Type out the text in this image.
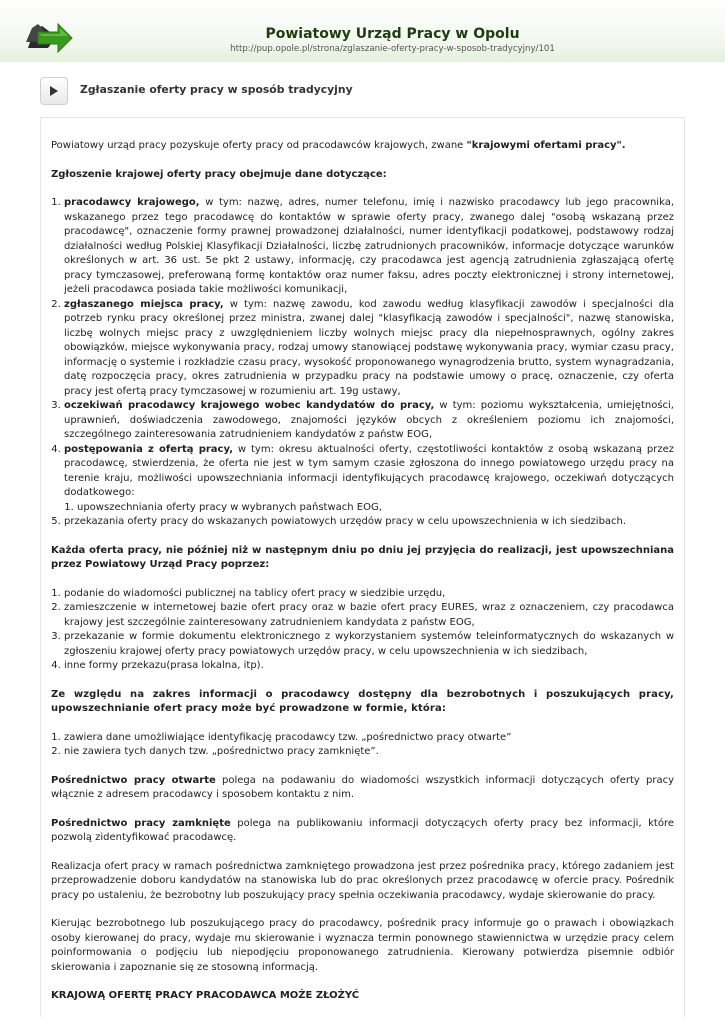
Powiatowy Urząd Pracy w Opolu
http://pup.opole.pl/strona/zglaszanie-oferty-pracy-w-sposob-tradycyjny/101
Zgłaszanie oferty pracy w sposób tradycyjny

Powiatowy urząd pracy pozyskuje oferty pracy od pracodawców krajowych, zwane "krajowymi ofertami pracy".

Zgłoszenie krajowej oferty pracy obejmuje dane dotyczące:

1. pracodawcy krajowego, w tym: nazwę, adres, numer telefonu, imię i nazwisko pracodawcy lub jego pracownika, wskazanego przez tego pracodawcę do kontaktów w sprawie oferty pracy, zwanego dalej "osobą wskazaną przez pracodawcę", oznaczenie formy prawnej prowadzonej działalności, numer identyfikacji podatkowej, podstawowy rodzaj działalności według Polskiej Klasyfikacji Działalności, liczbę zatrudnionych pracowników, informacje dotyczące warunków określonych w art. 36 ust. 5e pkt 2 ustawy, informację, czy pracodawca jest agencją zatrudnienia zgłaszającą ofertę pracy tymczasowej, preferowaną formę kontaktów oraz numer faksu, adres poczty elektronicznej i strony internetowej, jeżeli pracodawca posiada takie możliwości komunikacji,
2. zgłaszanego miejsca pracy, w tym: nazwę zawodu, kod zawodu według klasyfikacji zawodów i specjalności dla potrzeb rynku pracy określonej przez ministra, zwanej dalej "klasyfikacją zawodów i specjalności", nazwę stanowiska, liczbę wolnych miejsc pracy z uwzględnieniem liczby wolnych miejsc pracy dla niepełnosprawnych, ogólny zakres obowiązków, miejsce wykonywania pracy, rodzaj umowy stanowiącej podstawę wykonywania pracy, wymiar czasu pracy, informację o systemie i rozkładzie czasu pracy, wysokość proponowanego wynagrodzenia brutto, system wynagradzania, datę rozpoczęcia pracy, okres zatrudnienia w przypadku pracy na podstawie umowy o pracę, oznaczenie, czy oferta pracy jest ofertą pracy tymczasowej w rozumieniu art. 19g ustawy,
3. oczekiwań pracodawcy krajowego wobec kandydatów do pracy, w tym: poziomu wykształcenia, umiejętności, uprawnień, doświadczenia zawodowego, znajomości języków obcych z określeniem poziomu ich znajomości, szczególnego zainteresowania zatrudnieniem kandydatów z państw EOG,
4. postępowania z ofertą pracy, w tym: okresu aktualności oferty, częstotliwości kontaktów z osobą wskazaną przez pracodawcę, stwierdzenia, że oferta nie jest w tym samym czasie zgłoszona do innego powiatowego urzędu pracy na terenie kraju, możliwości upowszechniania informacji identyfikujących pracodawcę krajowego, oczekiwań dotyczących dodatkowego:
1. upowszechniania oferty pracy w wybranych państwach EOG,
5. przekazania oferty pracy do wskazanych powiatowych urzędów pracy w celu upowszechnienia w ich siedzibach.

Każda oferta pracy, nie później niż w następnym dniu po dniu jej przyjęcia do realizacji, jest upowszechniana przez Powiatowy Urząd Pracy poprzez:

1. podanie do wiadomości publicznej na tablicy ofert pracy w siedzibie urzędu,
2. zamieszczenie w internetowej bazie ofert pracy oraz w bazie ofert pracy EURES, wraz z oznaczeniem, czy pracodawca krajowy jest szczególnie zainteresowany zatrudnieniem kandydata z państw EOG,
3. przekazanie w formie dokumentu elektronicznego z wykorzystaniem systemów teleinformatycznych do wskazanych w zgłoszeniu krajowej oferty pracy powiatowych urzędów pracy, w celu upowszechnienia w ich siedzibach,
4. inne formy przekazu(prasa lokalna, itp).

Ze względu na zakres informacji o pracodawcy dostępny dla bezrobotnych i poszukujących pracy, upowszechnianie ofert pracy może być prowadzone w formie, która:

1. zawiera dane umożliwiające identyfikację pracodawcy tzw. „pośrednictwo pracy otwarte”
2. nie zawiera tych danych tzw. „pośrednictwo pracy zamknięte”.

Pośrednictwo pracy otwarte polega na podawaniu do wiadomości wszystkich informacji dotyczących oferty pracy włącznie z adresem pracodawcy i sposobem kontaktu z nim.

Pośrednictwo pracy zamknięte polega na publikowaniu informacji dotyczących oferty pracy bez informacji, które pozwolą zidentyfikować pracodawcę.

Realizacja ofert pracy w ramach pośrednictwa zamkniętego prowadzona jest przez pośrednika pracy, którego zadaniem jest przeprowadzenie doboru kandydatów na stanowiska lub do prac określonych przez pracodawcę w ofercie pracy. Pośrednik pracy po ustaleniu, że bezrobotny lub poszukujący pracy spełnia oczekiwania pracodawcy, wydaje skierowanie do pracy.

Kierując bezrobotnego lub poszukującego pracy do pracodawcy, pośrednik pracy informuje go o prawach i obowiązkach osoby kierowanej do pracy, wydaje mu skierowanie i wyznacza termin ponownego stawiennictwa w urzędzie pracy celem poinformowania o podjęciu lub niepodjęciu proponowanego zatrudnienia. Kierowany potwierdza pisemnie odbiór skierowania i zapoznanie się ze stosowną informacją.

KRAJOWĄ OFERTĘ PRACY PRACODAWCA MOŻE ZŁOŻYĆ
